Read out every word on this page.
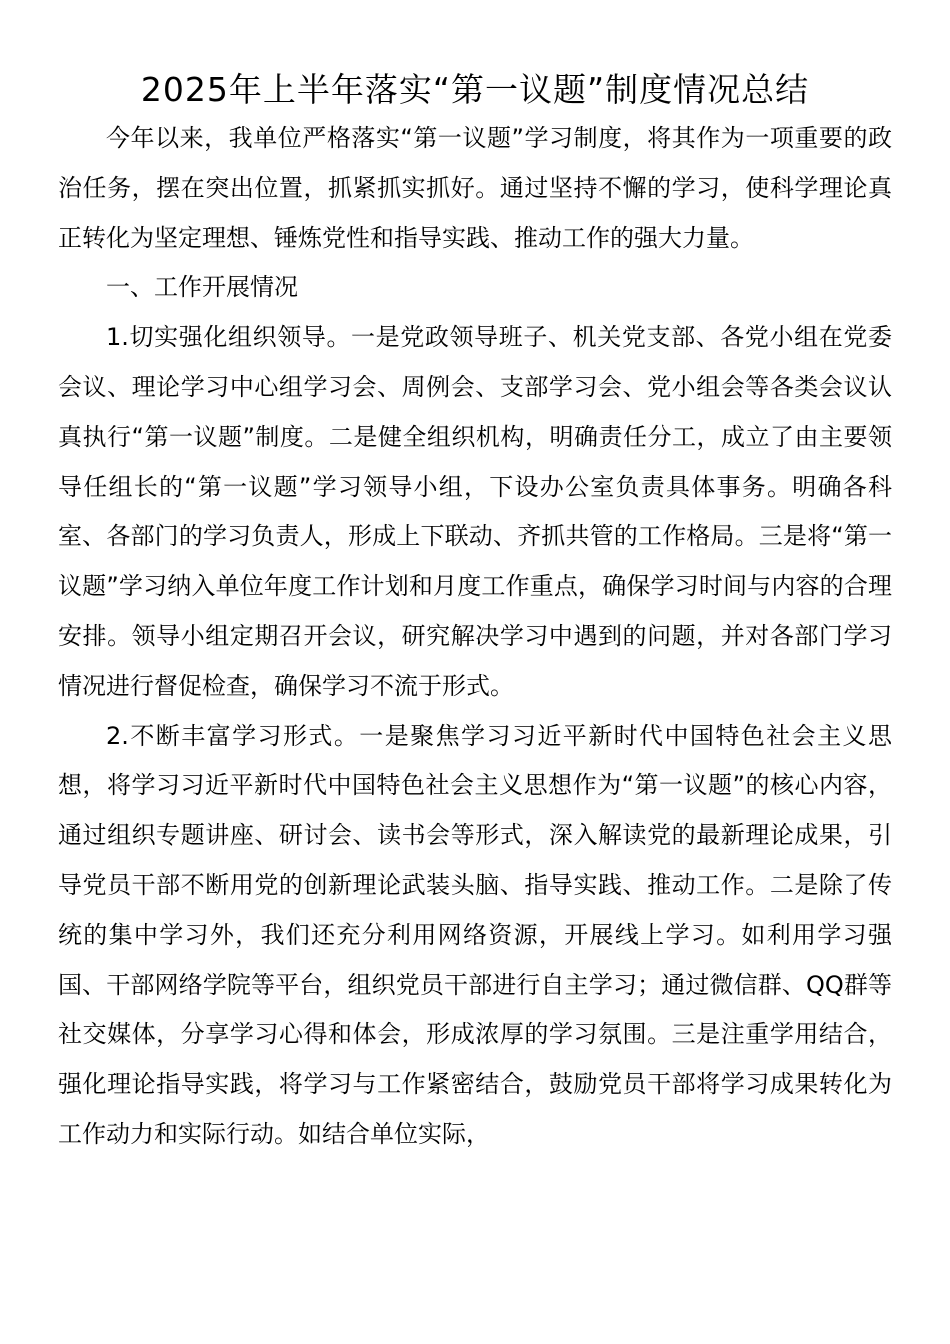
2025年上半年落实“第一议题”制度情况总结

今年以来，我单位严格落实“第一议题”学习制度，将其作为一项重要的政治任务，摆在突出位置，抓紧抓实抓好。通过坚持不懈的学习，使科学理论真正转化为坚定理想、锤炼党性和指导实践、推动工作的强大力量。

一、工作开展情况

1.切实强化组织领导。一是党政领导班子、机关党支部、各党小组在党委会议、理论学习中心组学习会、周例会、支部学习会、党小组会等各类会议认真执行“第一议题”制度。二是健全组织机构，明确责任分工，成立了由主要领导任组长的“第一议题”学习领导小组，下设办公室负责具体事务。明确各科室、各部门的学习负责人，形成上下联动、齐抓共管的工作格局。三是将“第一议题”学习纳入单位年度工作计划和月度工作重点，确保学习时间与内容的合理安排。领导小组定期召开会议，研究解决学习中遇到的问题，并对各部门学习情况进行督促检查，确保学习不流于形式。

2.不断丰富学习形式。一是聚焦学习习近平新时代中国特色社会主义思想，将学习习近平新时代中国特色社会主义思想作为“第一议题”的核心内容，通过组织专题讲座、研讨会、读书会等形式，深入解读党的最新理论成果，引导党员干部不断用党的创新理论武装头脑、指导实践、推动工作。二是除了传统的集中学习外，我们还充分利用网络资源，开展线上学习。如利用学习强国、干部网络学院等平台，组织党员干部进行自主学习；通过微信群、QQ群等社交媒体，分享学习心得和体会，形成浓厚的学习氛围。三是注重学用结合，强化理论指导实践，将学习与工作紧密结合，鼓励党员干部将学习成果转化为工作动力和实际行动。如结合单位实际，
